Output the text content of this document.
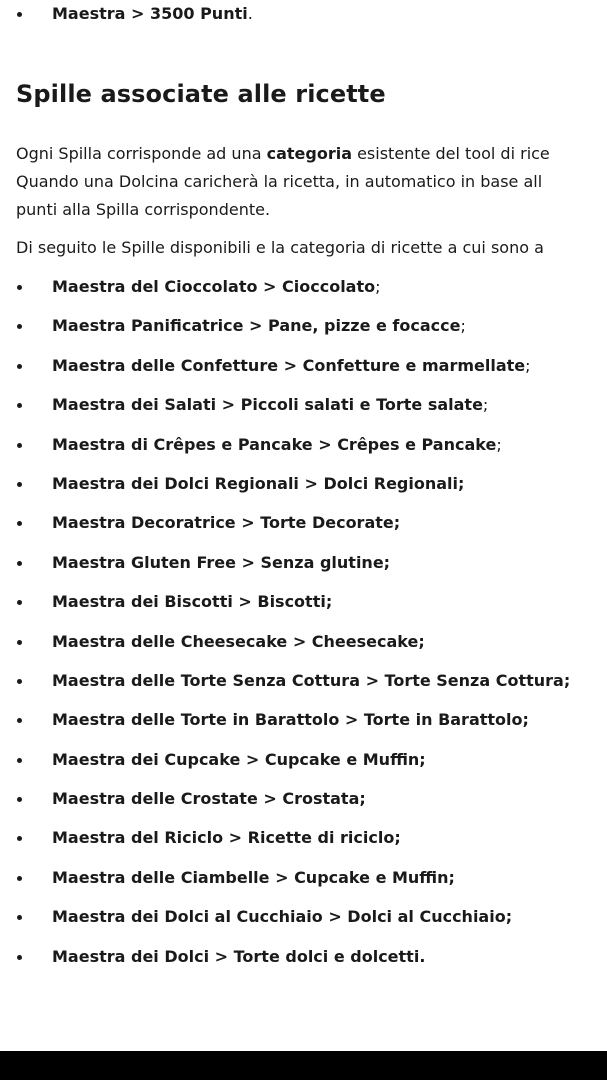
Maestra > 3500 Punti.
Spille associate alle ricette

Ogni Spilla corrisponde ad una categoria esistente del tool di rice
Quando una Dolcina caricherà la ricetta, in automatico in base all
punti alla Spilla corrispondente.

Di seguito le Spille disponibili e la categoria di ricette a cui sono a

Maestra del Cioccolato > Cioccolato;
Maestra Panificatrice > Pane, pizze e focacce;
Maestra delle Confetture > Confetture e marmellate;
Maestra dei Salati > Piccoli salati e Torte salate;
Maestra di Crêpes e Pancake > Crêpes e Pancake;
Maestra dei Dolci Regionali > Dolci Regionali;
Maestra Decoratrice > Torte Decorate;
Maestra Gluten Free > Senza glutine;
Maestra dei Biscotti > Biscotti;
Maestra delle Cheesecake > Cheesecake;
Maestra delle Torte Senza Cottura > Torte Senza Cottura;
Maestra delle Torte in Barattolo > Torte in Barattolo;
Maestra dei Cupcake > Cupcake e Muffin;
Maestra delle Crostate > Crostata;
Maestra del Riciclo > Ricette di riciclo;
Maestra delle Ciambelle > Cupcake e Muffin;
Maestra dei Dolci al Cucchiaio > Dolci al Cucchiaio;
Maestra dei Dolci > Torte dolci e dolcetti.
